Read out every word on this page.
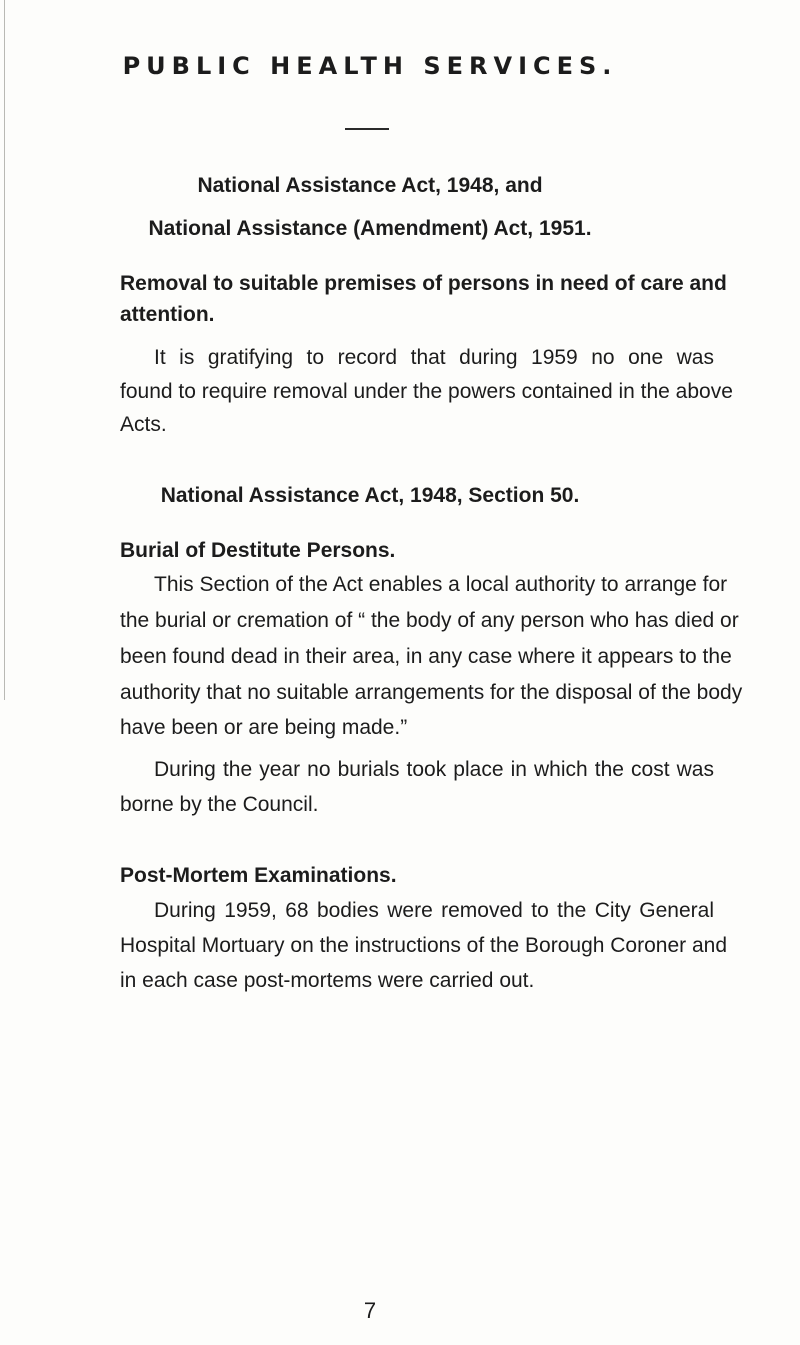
PUBLIC HEALTH SERVICES.
National Assistance Act, 1948, and
National Assistance (Amendment) Act, 1951.
Removal to suitable premises of persons in need of care and
attention.
It is gratifying to record that during 1959 no one was
found to require removal under the powers contained in the above
Acts.
National Assistance Act, 1948, Section 50.
Burial of Destitute Persons.
This Section of the Act enables a local authority to arrange for
the burial or cremation of “ the body of any person who has died or
been found dead in their area, in any case where it appears to the
authority that no suitable arrangements for the disposal of the body
have been or are being made.”
During the year no burials took place in which the cost was
borne by the Council.
Post-Mortem Examinations.
During 1959, 68 bodies were removed to the City General
Hospital Mortuary on the instructions of the Borough Coroner and
in each case post-mortems were carried out.
7
